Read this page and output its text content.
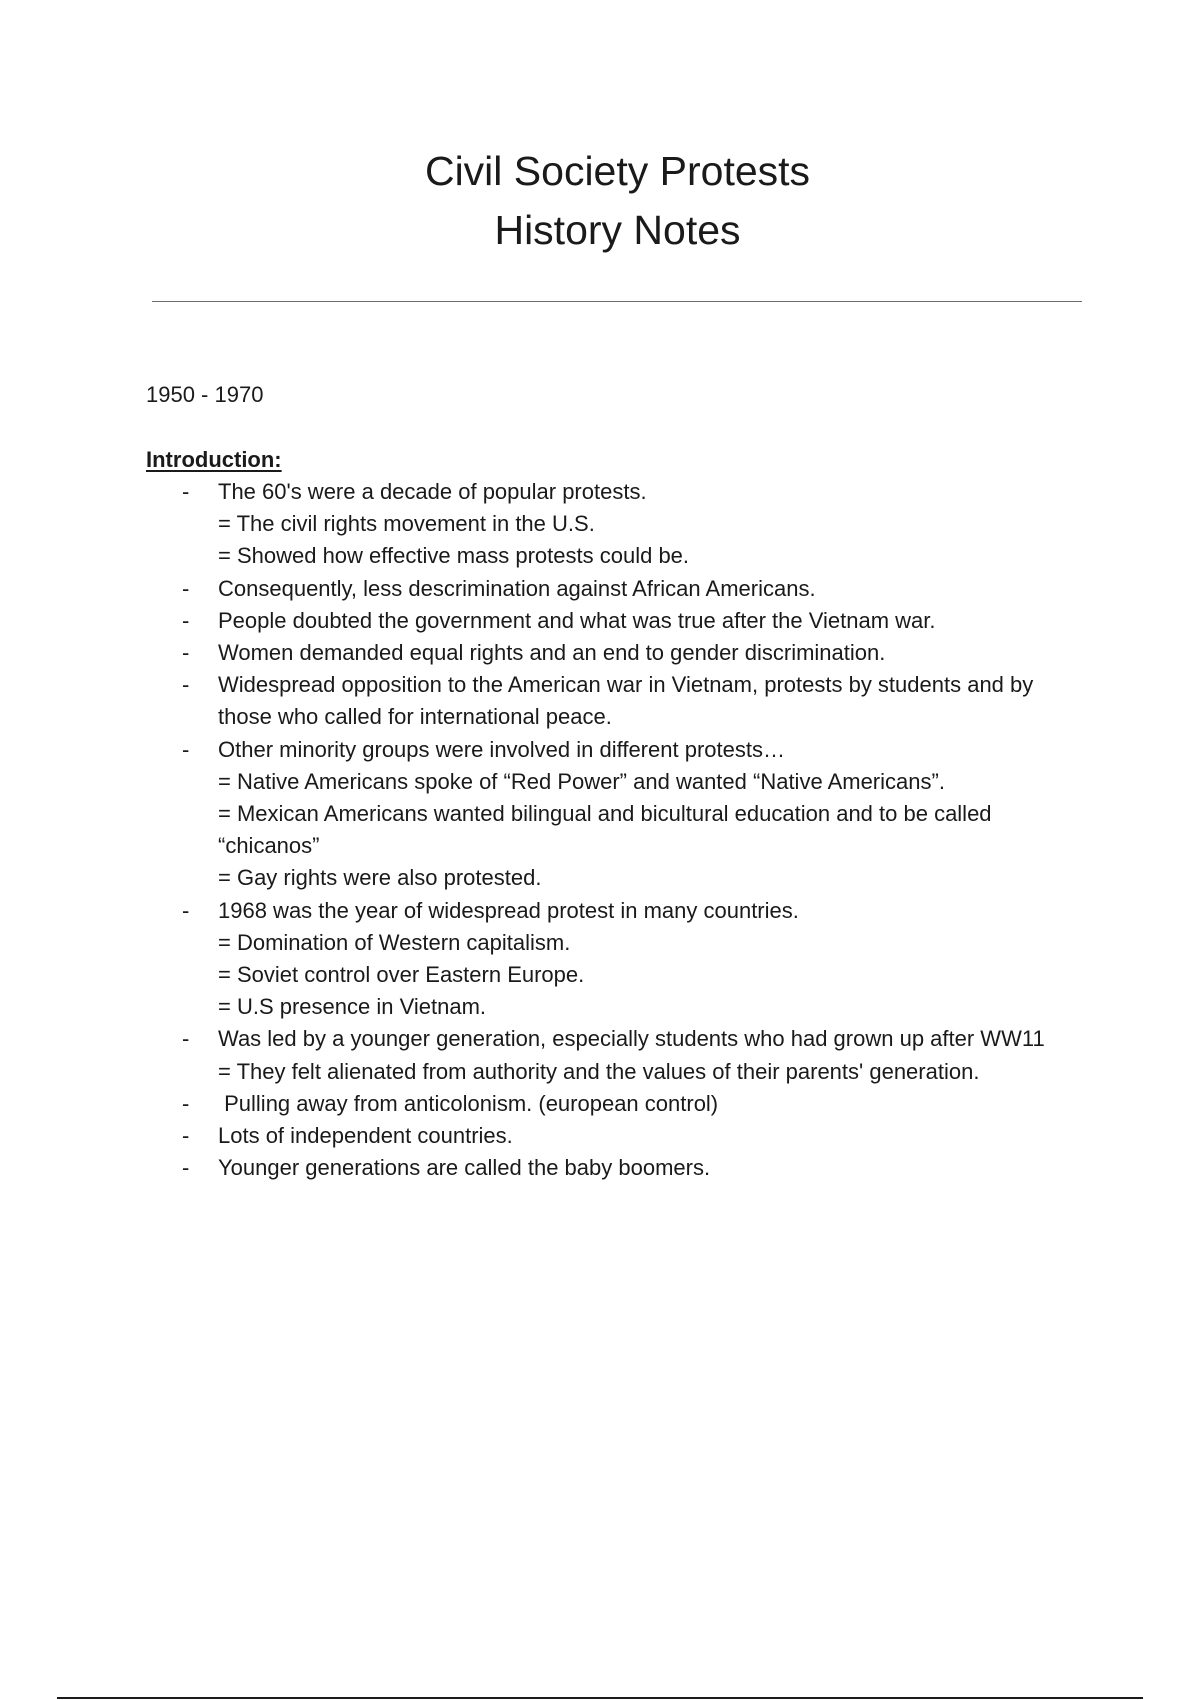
Civil Society Protests
History Notes
1950 - 1970
Introduction:
- The 60's were a decade of popular protests.
= The civil rights movement in the U.S.
= Showed how effective mass protests could be.
- Consequently, less descrimination against African Americans.
- People doubted the government and what was true after the Vietnam war.
- Women demanded equal rights and an end to gender discrimination.
- Widespread opposition to the American war in Vietnam, protests by students and by those who called for international peace.
- Other minority groups were involved in different protests…
= Native Americans spoke of “Red Power” and wanted “Native Americans”.
= Mexican Americans wanted bilingual and bicultural education and to be called “chicanos”
= Gay rights were also protested.
- 1968 was the year of widespread protest in many countries.
= Domination of Western capitalism.
= Soviet control over Eastern Europe.
= U.S presence in Vietnam.
- Was led by a younger generation, especially students who had grown up after WW11
= They felt alienated from authority and the values of their parents' generation.
- Pulling away from anticolonism. (european control)
- Lots of independent countries.
- Younger generations are called the baby boomers.
